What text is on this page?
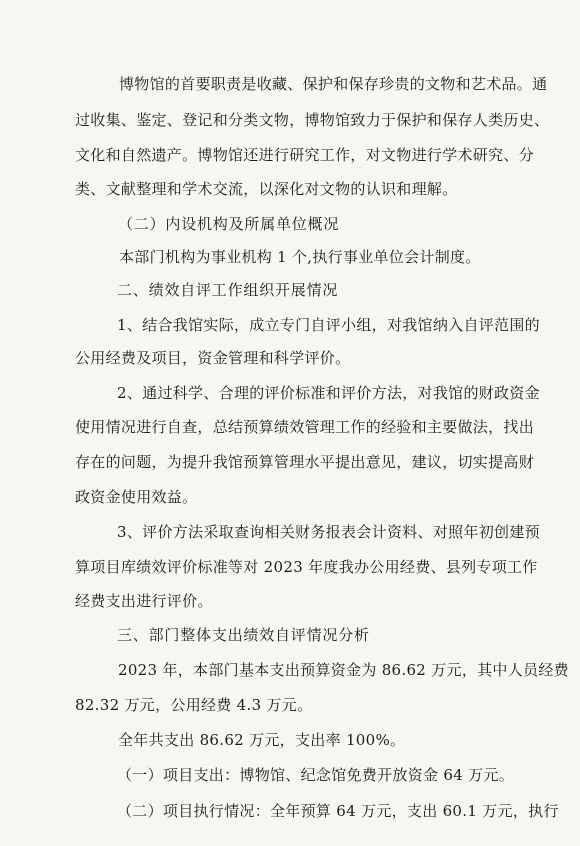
博物馆的首要职责是收藏、保护和保存珍贵的文物和艺术品。通
过收集、鉴定、登记和分类文物，博物馆致力于保护和保存人类历史、
文化和自然遗产。博物馆还进行研究工作，对文物进行学术研究、分
类、文献整理和学术交流，以深化对文物的认识和理解。
（二）内设机构及所属单位概况
本部门机构为事业机构 1 个,执行事业单位会计制度。
二、绩效自评工作组织开展情况
1、结合我馆实际，成立专门自评小组，对我馆纳入自评范围的
公用经费及项目，资金管理和科学评价。
2、通过科学、合理的评价标准和评价方法，对我馆的财政资金
使用情况进行自查，总结预算绩效管理工作的经验和主要做法，找出
存在的问题，为提升我馆预算管理水平提出意见，建议，切实提高财
政资金使用效益。
3、评价方法采取查询相关财务报表会计资料、对照年初创建预
算项目库绩效评价标准等对 2023 年度我办公用经费、县列专项工作
经费支出进行评价。
三、部门整体支出绩效自评情况分析
2023 年，本部门基本支出预算资金为 86.62 万元，其中人员经费
82.32 万元，公用经费 4.3 万元。
全年共支出 86.62 万元，支出率 100%。
（一）项目支出：博物馆、纪念馆免费开放资金 64 万元。
（二）项目执行情况：全年预算 64 万元，支出 60.1 万元，执行
